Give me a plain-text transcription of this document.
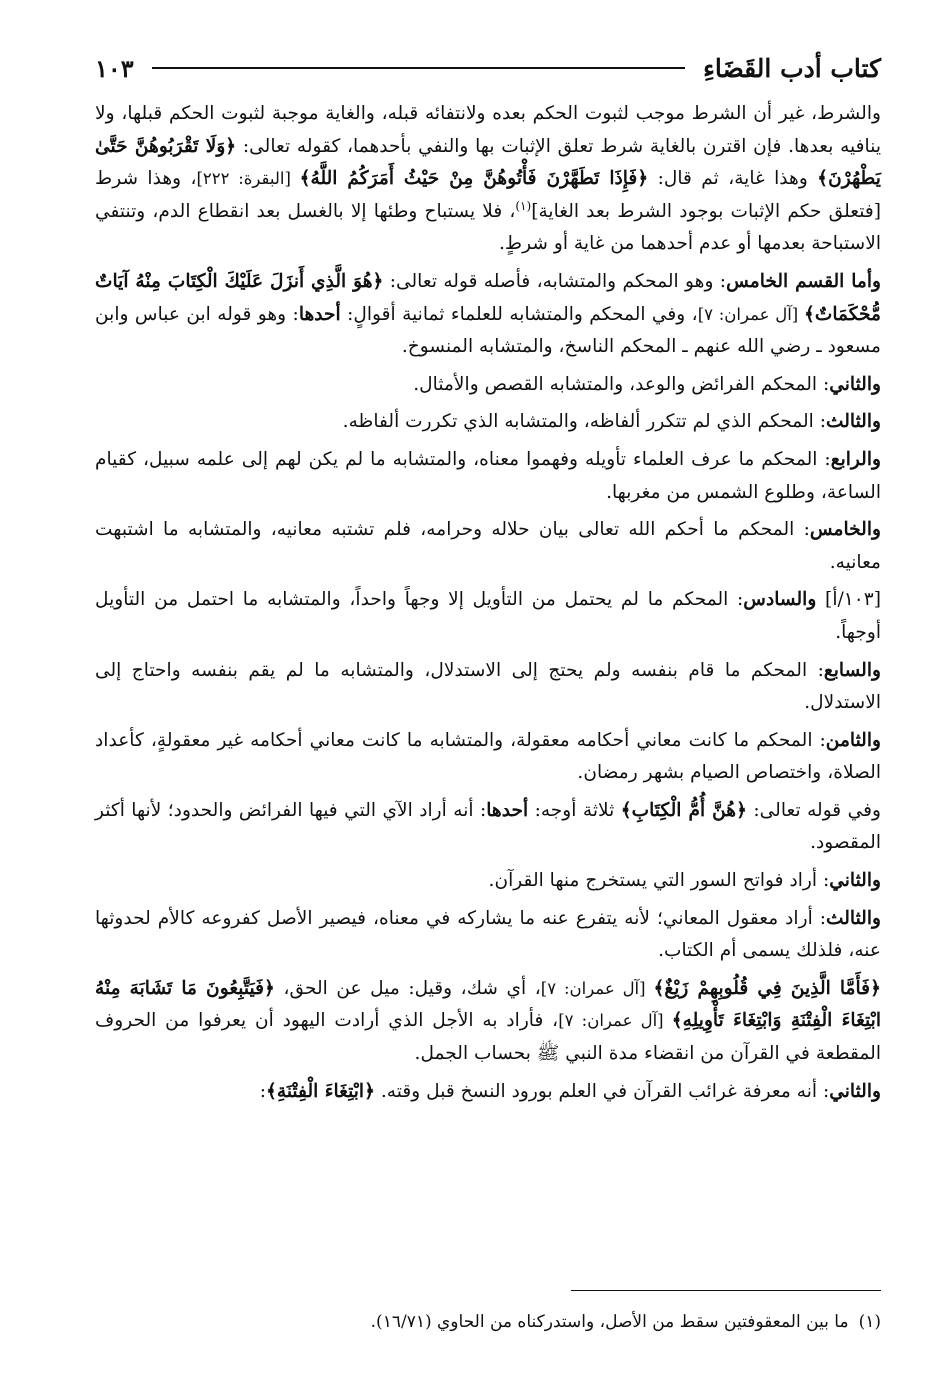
كتاب أدب القَضَاءِ
١٠٣

والشرط، غير أن الشرط موجب لثبوت الحكم بعده ولانتفائه قبله، والغاية موجبة لثبوت الحكم قبلها، ولا ينافيه بعدها. فإن اقترن بالغاية شرط تعلق الإثبات بها والنفي بأحدهما، كقوله تعالى: ﴿وَلَا تَقْرَبُوهُنَّ حَتَّىٰ يَطْهُرْنَ﴾ وهذا غاية، ثم قال: ﴿فَإِذَا تَطَهَّرْنَ فَأْتُوهُنَّ مِنْ حَيْثُ أَمَرَكُمُ اللَّهُ﴾ [البقرة: ٢٢٢]، وهذا شرط [فتعلق حكم الإثبات بوجود الشرط بعد الغاية]$^{(١)}$، فلا يستباح وطئها إلا بالغسل بعد انقطاع الدم، وتنتفي الاستباحة بعدمها أو عدم أحدهما من غاية أو شرطٍ.

وأما القسم الخامس: وهو المحكم والمتشابه، فأصله قوله تعالى: ﴿هُوَ الَّذِي أَنزَلَ عَلَيْكَ الْكِتَابَ مِنْهُ آيَاتٌ مُّحْكَمَاتٌ﴾ [آل عمران: ٧]، وفي المحكم والمتشابه للعلماء ثمانية أقوالٍ: أحدها: وهو قوله ابن عباس وابن مسعود ـ رضي الله عنهم ـ المحكم الناسخ، والمتشابه المنسوخ.

والثاني: المحكم الفرائض والوعد، والمتشابه القصص والأمثال.

والثالث: المحكم الذي لم تتكرر ألفاظه، والمتشابه الذي تكررت ألفاظه.

والرابع: المحكم ما عرف العلماء تأويله وفهموا معناه، والمتشابه ما لم يكن لهم إلى علمه سبيل، كقيام الساعة، وطلوع الشمس من مغربها.

والخامس: المحكم ما أحكم الله تعالى بيان حلاله وحرامه، فلم تشتبه معانيه، والمتشابه ما اشتبهت معانيه.

[١٠٣/أ] والسادس: المحكم ما لم يحتمل من التأويل إلا وجهاً واحداً، والمتشابه ما احتمل من التأويل أوجهاً.

والسابع: المحكم ما قام بنفسه ولم يحتج إلى الاستدلال، والمتشابه ما لم يقم بنفسه واحتاج إلى الاستدلال.

والثامن: المحكم ما كانت معاني أحكامه معقولة، والمتشابه ما كانت معاني أحكامه غير معقولةٍ، كأعداد الصلاة، واختصاص الصيام بشهر رمضان.

وفي قوله تعالى: ﴿هُنَّ أُمُّ الْكِتَابِ﴾ ثلاثة أوجه: أحدها: أنه أراد الآي التي فيها الفرائض والحدود؛ لأنها أكثر المقصود.

والثاني: أراد فواتح السور التي يستخرج منها القرآن.

والثالث: أراد معقول المعاني؛ لأنه يتفرع عنه ما يشاركه في معناه، فيصير الأصل كفروعه كالأم لحدوثها عنه، فلذلك يسمى أم الكتاب.

﴿فَأَمَّا الَّذِينَ فِي قُلُوبِهِمْ زَيْغٌ﴾ [آل عمران: ٧]، أي شك، وقيل: ميل عن الحق، ﴿فَيَتَّبِعُونَ مَا تَشَابَهَ مِنْهُ ابْتِغَاءَ الْفِتْنَةِ وَابْتِغَاءَ تَأْوِيلِهِ﴾ [آل عمران: ٧]، فأراد به الأجل الذي أرادت اليهود أن يعرفوا من الحروف المقطعة في القرآن من انقضاء مدة النبي ﷺ بحساب الجمل.

والثاني: أنه معرفة غرائب القرآن في العلم بورود النسخ قبل وقته. ﴿ابْتِغَاءَ الْفِتْنَةِ﴾:

(١)ما بين المعقوفتين سقط من الأصل، واستدركناه من الحاوي (١٦/٧١).
